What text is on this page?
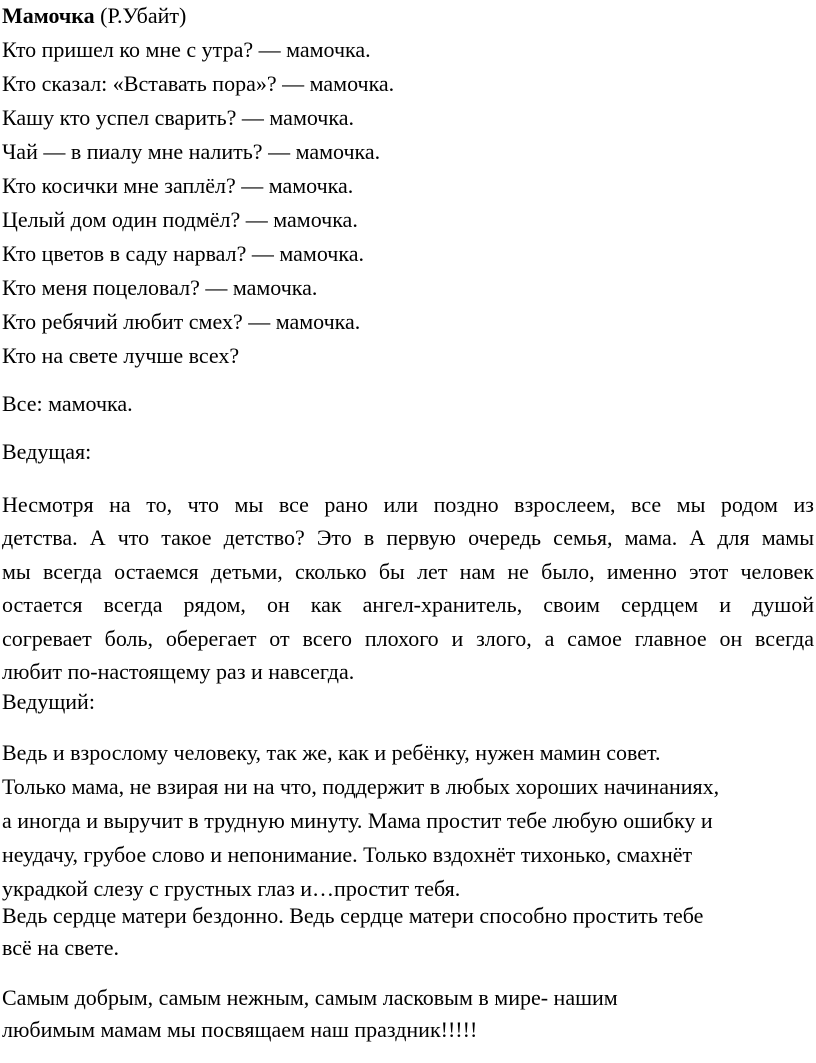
Мамочка (Р.Убайт)
Кто пришел ко мне с утра? — мамочка.
Кто сказал: «Вставать пора»? — мамочка.
Кашу кто успел сварить? — мамочка.
Чай — в пиалу мне налить? — мамочка.
Кто косички мне заплёл? — мамочка.
Целый дом один подмёл? — мамочка.
Кто цветов в саду нарвал? — мамочка.
Кто меня поцеловал? — мамочка.
Кто ребячий любит смех? — мамочка.
Кто на свете лучше всех?
Все: мамочка.
Ведущая:
Несмотря на то, что мы все рано или поздно взрослеем, все мы родом из
детства. А что такое детство? Это в первую очередь семья, мама. А для мамы
мы всегда остаемся детьми, сколько бы лет нам не было, именно этот человек
остается всегда рядом, он как ангел-хранитель, своим сердцем и душой
согревает боль, оберегает от всего плохого и злого, а самое главное он всегда
любит по-настоящему раз и навсегда.
Ведущий:
Ведь и взрослому человеку, так же, как и ребёнку, нужен мамин совет.
Только мама, не взирая ни на что, поддержит в любых хороших начинаниях,
а иногда и выручит в трудную минуту. Мама простит тебе любую ошибку и
неудачу, грубое слово и непонимание. Только вздохнёт тихонько, смахнёт
украдкой слезу с грустных глаз и…простит тебя.
Ведь сердце матери бездонно. Ведь сердце матери способно простить тебе
всё на свете.
Самым добрым, самым нежным, самым ласковым в мире- нашим
любимым мамам мы посвящаем наш праздник!!!!!
